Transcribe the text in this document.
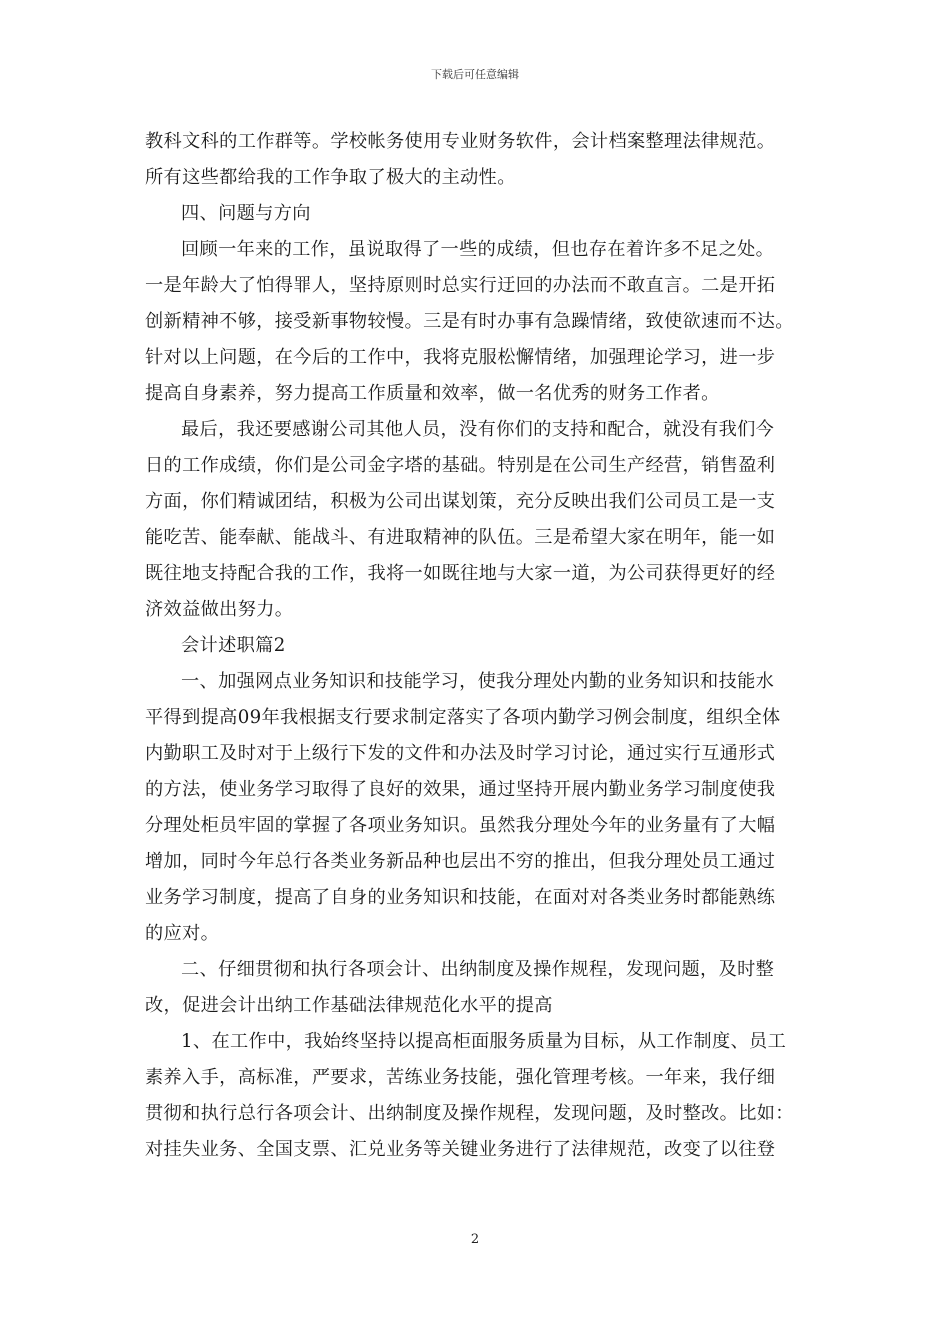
下载后可任意编辑
教科文科的工作群等。学校帐务使用专业财务软件，会计档案整理法律规范。
所有这些都给我的工作争取了极大的主动性。
四、问题与方向
回顾一年来的工作，虽说取得了一些的成绩，但也存在着许多不足之处。
一是年龄大了怕得罪人，坚持原则时总实行迂回的办法而不敢直言。二是开拓
创新精神不够，接受新事物较慢。三是有时办事有急躁情绪，致使欲速而不达。
针对以上问题，在今后的工作中，我将克服松懈情绪，加强理论学习，进一步
提高自身素养，努力提高工作质量和效率，做一名优秀的财务工作者。
最后，我还要感谢公司其他人员，没有你们的支持和配合，就没有我们今
日的工作成绩，你们是公司金字塔的基础。特别是在公司生产经营，销售盈利
方面，你们精诚团结，积极为公司出谋划策，充分反映出我们公司员工是一支
能吃苦、能奉献、能战斗、有进取精神的队伍。三是希望大家在明年，能一如
既往地支持配合我的工作，我将一如既往地与大家一道，为公司获得更好的经
济效益做出努力。
会计述职篇2
一、加强网点业务知识和技能学习，使我分理处内勤的业务知识和技能水
平得到提高09年我根据支行要求制定落实了各项内勤学习例会制度，组织全体
内勤职工及时对于上级行下发的文件和办法及时学习讨论，通过实行互通形式
的方法，使业务学习取得了良好的效果，通过坚持开展内勤业务学习制度使我
分理处柜员牢固的掌握了各项业务知识。虽然我分理处今年的业务量有了大幅
增加，同时今年总行各类业务新品种也层出不穷的推出，但我分理处员工通过
业务学习制度，提高了自身的业务知识和技能，在面对对各类业务时都能熟练
的应对。
二、仔细贯彻和执行各项会计、出纳制度及操作规程，发现问题，及时整
改，促进会计出纳工作基础法律规范化水平的提高
1、在工作中，我始终坚持以提高柜面服务质量为目标，从工作制度、员工
素养入手，高标准，严要求，苦练业务技能，强化管理考核。一年来，我仔细
贯彻和执行总行各项会计、出纳制度及操作规程，发现问题，及时整改。比如：
对挂失业务、全国支票、汇兑业务等关键业务进行了法律规范，改变了以往登
2
